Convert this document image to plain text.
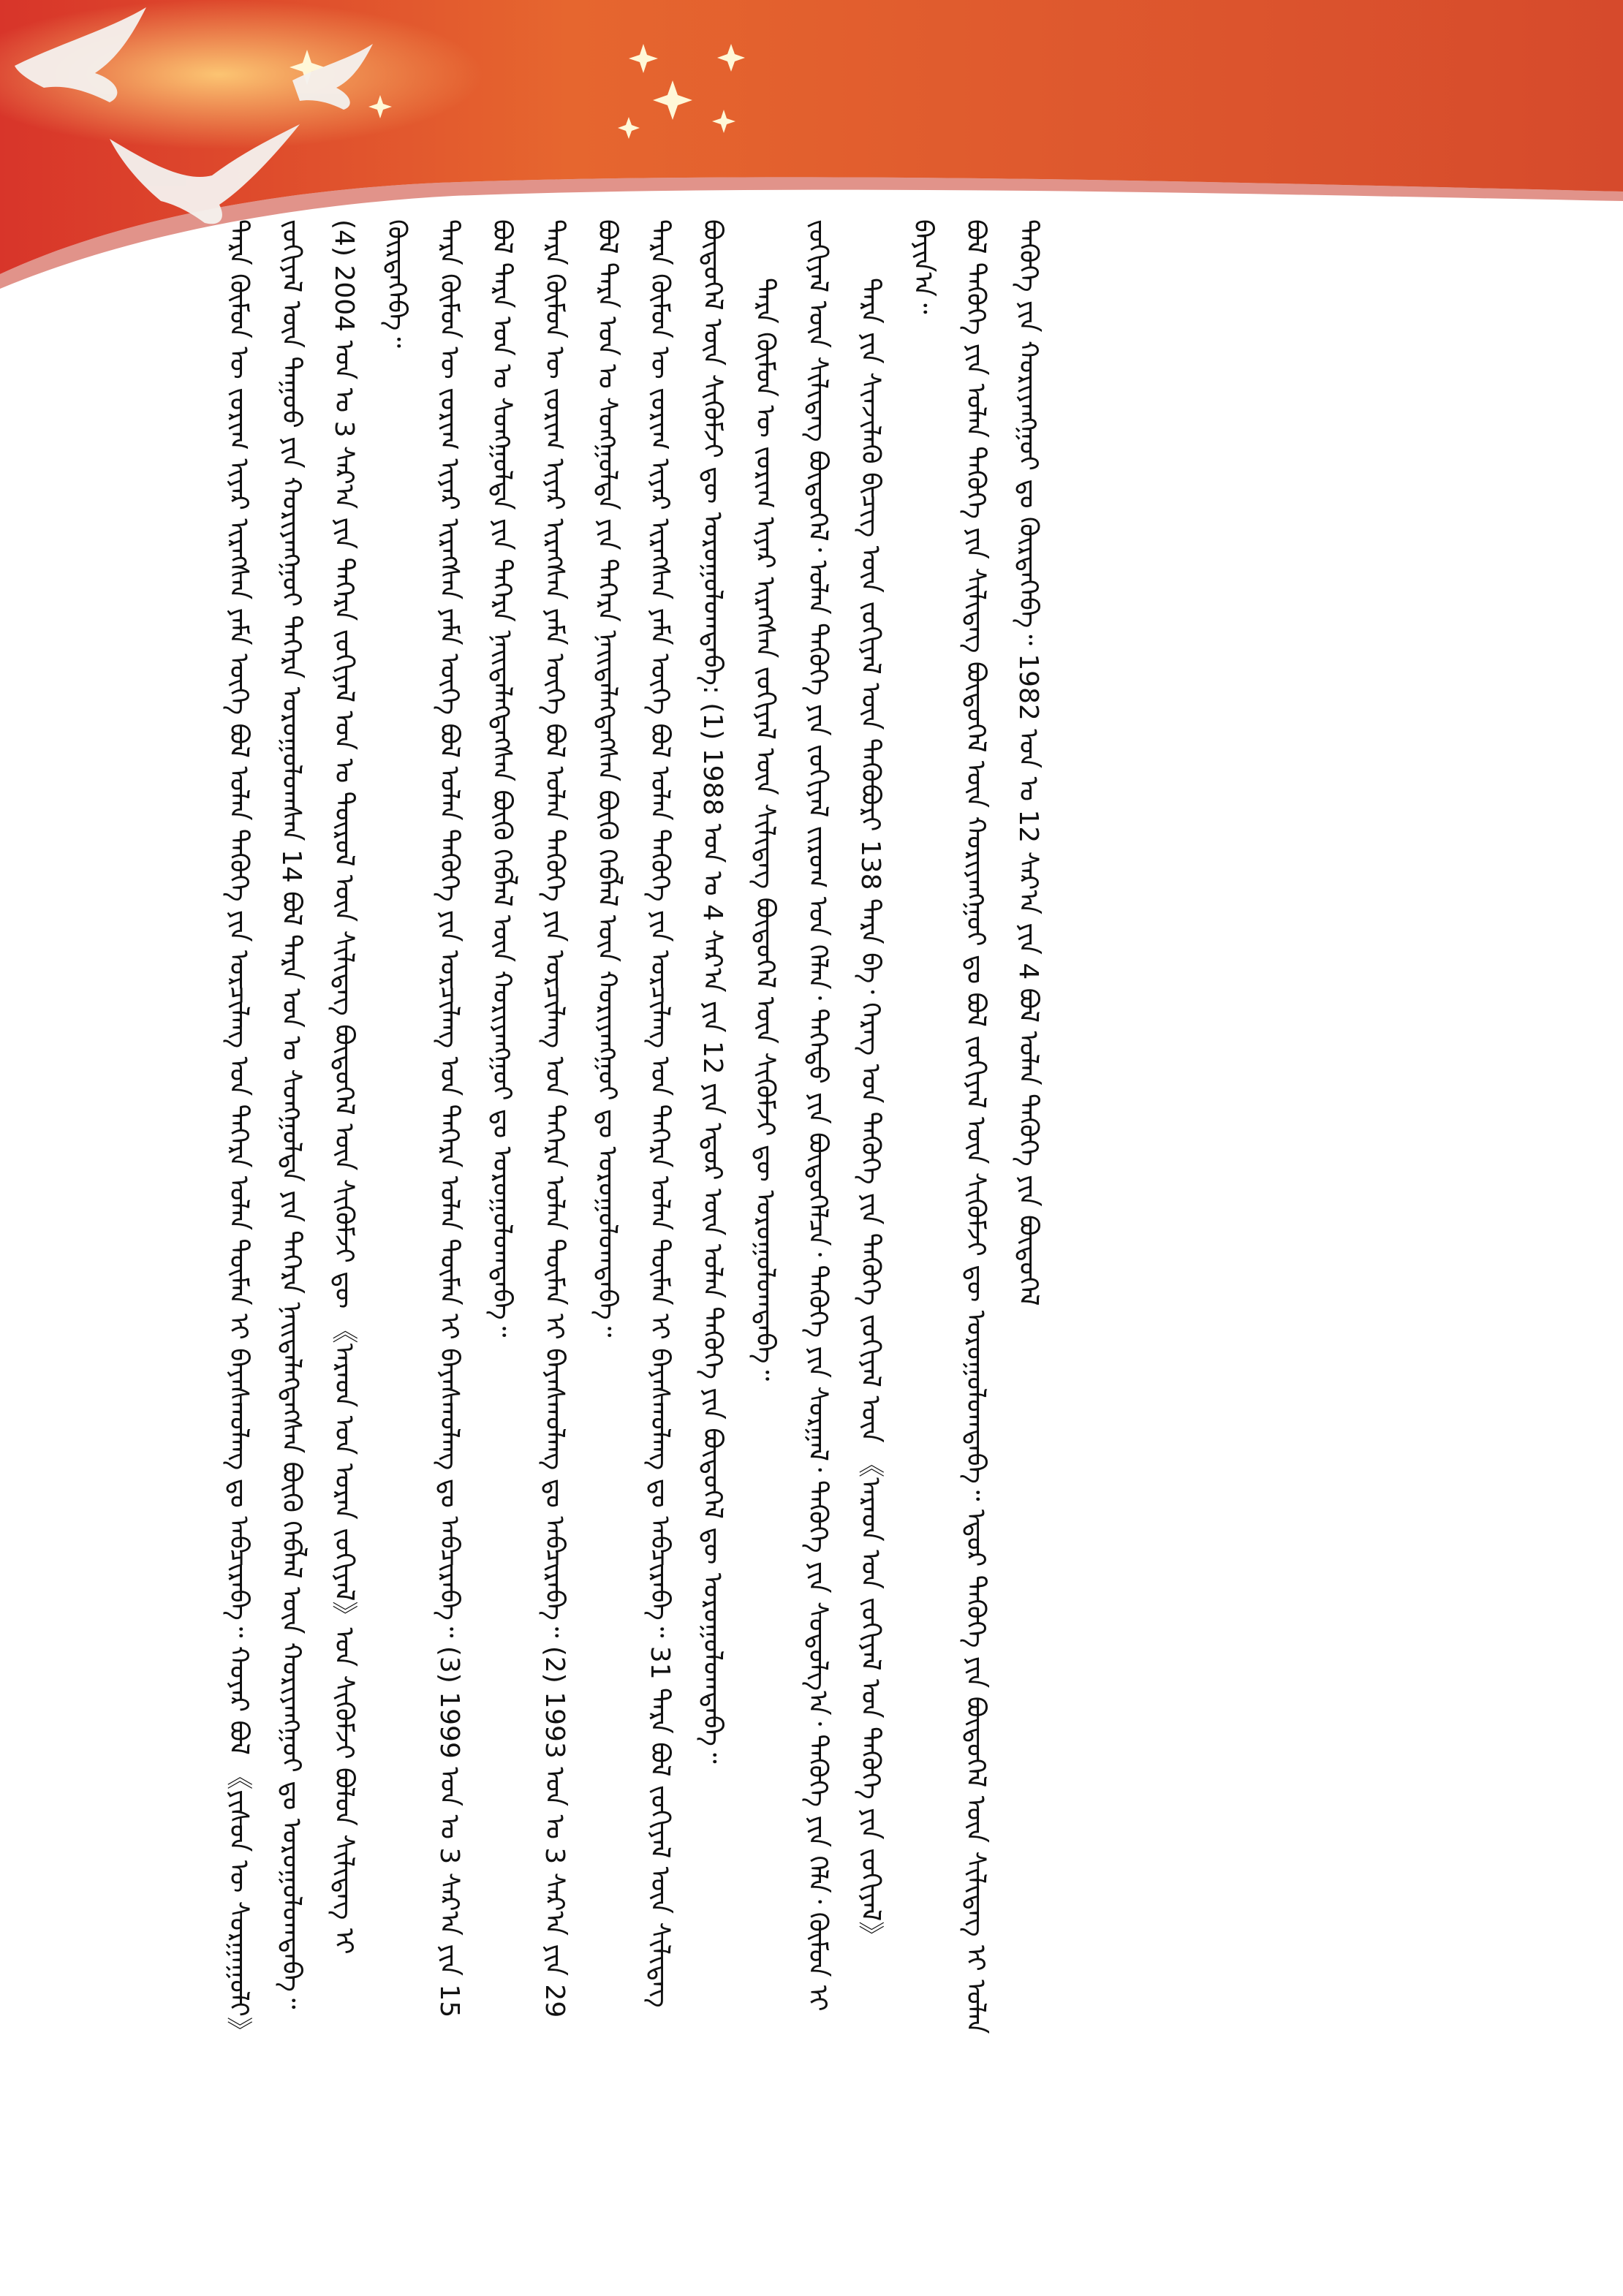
ᠲᠡᠷᠡ ᠬᠦᠮᠦᠨ ᠦ ᠵᠤᠷᠢᠭ ᠢᠶᠠᠷ ᠢᠷᠡᠭᠰᠡᠨ ᠶᠠᠮᠠ ᠦᠭᠡ ᠪᠤᠯ ᠣᠯᠠᠨ ᠲᠡᠭᠦᠬᠡ ᠶᠢᠨ ᠣᠷᠴᠢᠯᠠᠩ ᠤᠨ ᠳᠡᠭᠡᠷᠡ ᠣᠯᠠᠨ ᠲᠦᠮᠡᠨ ᠢ ᠪᠠᠶᠠᠰᠬᠤᠯᠠᠩ ᠳᠤ ᠠᠪᠴᠢᠷᠠᠪᠠ᠃ ᠬᠣᠶᠠᠷ ᠪᠣᠯ 《ᠶᠢᠰᠦᠨ ᠦ ᠰᠤᠷᠭᠠᠭᠤᠯᠢ》ᠵᠣᠬᠢᠶᠠᠯ ᠦᠨ ᠳᠠᠭᠤᠤ ᠶᠢᠨ ᠬᠤᠷᠢᠶᠠᠩᠭᠤᠢ ᠳᠡᠭᠡᠷᠡ ᠣᠷᠣᠭᠤᠯᠤᠭᠰᠠᠨ 14 ᠪᠣᠯ ᠲᠡᠷᠡ ᠣᠨ ᠤ ᠰᠣᠩᠭᠣᠯᠲᠠ ᠶᠢᠨ ᠳᠡᠭᠡᠷᠡ ᠨᠡᠢᠲᠡᠯᠡᠭᠳᠡᠭᠰᠡᠨ ᠪᠦᠬᠦ ᠬᠡᠪᠯᠡᠯ ᠦᠨ ᠬᠤᠷᠢᠶᠠᠩᠭᠤᠢ ᠳᠤ ᠣᠷᠣᠭᠤᠯᠤᠭᠳᠠᠪᠠ᠃ (4) 2004 ᠣᠨ ᠤ 3 ᠰᠠᠷ᠎ᠠ ᠶᠢᠨ ᠳᠡᠭᠡᠷᠡ ᠵᠣᠬᠢᠶᠠᠯ ᠣᠨ ᠤ ᠲᠦᠷᠦᠯ ᠦᠨ ᠰᠢᠯᠢᠳᠡᠭ ᠪᠦᠲᠦᠭᠡᠯ ᠦᠨ ᠰᠢᠭᠦᠮᠵᠢ ᠳᠦ 《ᠠᠷᠠᠳ ᠤᠨ ᠤᠷᠠᠨ ᠵᠣᠬᠢᠶᠠᠯ》ᠤᠨ ᠰᠢᠭᠦᠮᠵᠢ ᠪᠣᠯᠤᠨ ᠰᠢᠯᠢᠳᠡᠭ ᠢ ᠬᠦᠷᠲᠡᠭᠡᠪᠡ᠃ ᠲᠡᠷᠡ ᠬᠦᠮᠦᠨ ᠦ ᠵᠤᠷᠢᠭ ᠢᠶᠠᠷ ᠢᠷᠡᠭᠰᠡᠨ ᠶᠠᠮᠠ ᠦᠭᠡ ᠪᠤᠯ ᠣᠯᠠᠨ ᠲᠡᠭᠦᠬᠡ ᠶᠢᠨ ᠣᠷᠴᠢᠯᠠᠩ ᠤᠨ ᠳᠡᠭᠡᠷᠡ ᠣᠯᠠᠨ ᠲᠦᠮᠡᠨ ᠢ ᠪᠠᠶᠠᠰᠬᠤᠯᠠᠩ ᠳᠤ ᠠᠪᠴᠢᠷᠠᠪᠠ᠃ (3) 1999 ᠣᠨ ᠤ 3 ᠰᠠᠷ᠎ᠠ ᠶᠢᠨ 15 ᠪᠣᠯ ᠲᠡᠷᠡ ᠣᠨ ᠤ ᠰᠣᠩᠭᠣᠯᠲᠠ ᠶᠢᠨ ᠳᠡᠭᠡᠷᠡ ᠨᠡᠢᠲᠡᠯᠡᠭᠳᠡᠭᠰᠡᠨ ᠪᠦᠬᠦ ᠬᠡᠪᠯᠡᠯ ᠦᠨ ᠬᠤᠷᠢᠶᠠᠩᠭᠤᠢ ᠳᠤ ᠣᠷᠣᠭᠤᠯᠤᠭᠳᠠᠪᠠ᠃ ᠲᠡᠷᠡ ᠬᠦᠮᠦᠨ ᠦ ᠵᠤᠷᠢᠭ ᠢᠶᠠᠷ ᠢᠷᠡᠭᠰᠡᠨ ᠶᠠᠮᠠ ᠦᠭᠡ ᠪᠤᠯ ᠣᠯᠠᠨ ᠲᠡᠭᠦᠬᠡ ᠶᠢᠨ ᠣᠷᠴᠢᠯᠠᠩ ᠤᠨ ᠳᠡᠭᠡᠷᠡ ᠣᠯᠠᠨ ᠲᠦᠮᠡᠨ ᠢ ᠪᠠᠶᠠᠰᠬᠤᠯᠠᠩ ᠳᠤ ᠠᠪᠴᠢᠷᠠᠪᠠ᠃ (2) 1993 ᠣᠨ ᠤ 3 ᠰᠠᠷ᠎ᠠ ᠶᠢᠨ 29 ᠪᠣᠯ ᠲᠡᠷᠡ ᠣᠨ ᠤ ᠰᠣᠩᠭᠣᠯᠲᠠ ᠶᠢᠨ ᠳᠡᠭᠡᠷᠡ ᠨᠡᠢᠲᠡᠯᠡᠭᠳᠡᠭᠰᠡᠨ ᠪᠦᠬᠦ ᠬᠡᠪᠯᠡᠯ ᠦᠨ ᠬᠤᠷᠢᠶᠠᠩᠭᠤᠢ ᠳᠤ ᠣᠷᠣᠭᠤᠯᠤᠭᠳᠠᠪᠠ᠃ ᠲᠡᠷᠡ ᠬᠦᠮᠦᠨ ᠦ ᠵᠤᠷᠢᠭ ᠢᠶᠠᠷ ᠢᠷᠡᠭᠰᠡᠨ ᠶᠠᠮᠠ ᠦᠭᠡ ᠪᠤᠯ ᠣᠯᠠᠨ ᠲᠡᠭᠦᠬᠡ ᠶᠢᠨ ᠣᠷᠴᠢᠯᠠᠩ ᠤᠨ ᠳᠡᠭᠡᠷᠡ ᠣᠯᠠᠨ ᠲᠦᠮᠡᠨ ᠢ ᠪᠠᠶᠠᠰᠬᠤᠯᠠᠩ ᠳᠤ ᠠᠪᠴᠢᠷᠠᠪᠠ᠃ 31 ᠲᠡᠷᠡ ᠪᠣᠯ ᠵᠣᠬᠢᠶᠠᠯ ᠦᠨ ᠰᠢᠯᠢᠳᠡᠭ ᠪᠦᠲᠦᠭᠡᠯ ᠦᠨ ᠰᠢᠭᠦᠮᠵᠢ ᠳᠦ ᠣᠷᠣᠭᠤᠯᠤᠭᠳᠠᠪᠠ: (1) 1988 ᠣᠨ ᠤ 4 ᠰᠠᠷ᠎ᠠ ᠶᠢᠨ 12 ᠶᠢᠨ ᠡᠳᠦᠷ ᠦᠨ ᠣᠯᠠᠨ ᠲᠡᠭᠦᠬᠡ ᠶᠢᠨ ᠪᠦᠲᠦᠭᠡᠯ ᠳᠦ ᠣᠷᠣᠭᠤᠯᠤᠭᠳᠠᠪᠠ᠃ ᠲᠡᠷᠡ ᠬᠦᠮᠦᠨ ᠦ ᠵᠤᠷᠢᠭ ᠢᠶᠠᠷ ᠢᠷᠡᠭᠰᠡᠨ ᠵᠣᠬᠢᠶᠠᠯ ᠦᠨ ᠰᠢᠯᠢᠳᠡᠭ ᠪᠦᠲᠦᠭᠡᠯ ᠦᠨ ᠰᠢᠭᠦᠮᠵᠢ ᠳᠦ ᠣᠷᠣᠭᠤᠯᠤᠭᠳᠠᠪᠠ᠃ ᠵᠣᠬᠢᠶᠠᠯ ᠦᠨ ᠰᠢᠯᠢᠳᠡᠭ ᠪᠦᠲᠦᠭᠡᠯ᠂ ᠣᠯᠠᠨ ᠲᠡᠭᠦᠬᠡ ᠶᠢᠨ ᠵᠣᠬᠢᠶᠠᠯ ᠵᠢᠷᠤᠭ ᠤᠨ ᠬᠡᠯᠡᠨ᠂ ᠳᠡᠭᠡᠳᠦ ᠶᠢᠨ ᠪᠦᠲᠦᠭᠡᠯᠴᠡ᠂ ᠲᠡᠭᠦᠬᠡ ᠶᠢᠨ ᠰᠤᠷᠭᠠᠯ᠂ ᠲᠡᠭᠦᠬᠡ ᠶᠢᠨ ᠰᠤᠳᠤᠯᠭ᠎ᠠ᠂ ᠲᠡᠭᠦᠬᠡ ᠶᠢᠨ ᠬᠡᠯᠡ᠂ ᠬᠦᠮᠦᠨ ᠢ ᠲᠡᠷᠡ ᠶᠢᠨ ᠰᠢᠨᠵᠢᠯᠡᠬᠦ ᠪᠢᠴᠢᠭ ᠦᠨ ᠵᠣᠬᠢᠶᠠᠯ ᠦᠨ ᠲᠡᠭᠦᠪᠦᠷᠢ 138 ᠲᠡᠷᠡ ᠪᠠ᠂ ᠬᠡᠷᠡᠭ ᠤᠨ ᠲᠡᠭᠦᠬᠡ ᠶᠢᠨ ᠲᠡᠭᠦᠬᠡ ᠵᠣᠬᠢᠶᠠᠯ ᠦᠨ 《ᠠᠷᠠᠳ ᠤᠨ ᠵᠣᠬᠢᠶᠠᠯ ᠤᠨ ᠲᠡᠭᠦᠬᠡ ᠶᠢᠨ ᠵᠣᠬᠢᠶᠠᠯ》 ᠪᠠᠶᠢᠨ᠎ᠠ᠃ ᠪᠣᠯ ᠲᠡᠭᠦᠬᠡ ᠶᠢᠨ ᠣᠯᠠᠨ ᠲᠡᠭᠦᠬᠡ ᠶᠢᠨ ᠰᠢᠯᠢᠳᠡᠭ ᠪᠦᠲᠦᠭᠡᠯ ᠦᠨ ᠬᠤᠷᠢᠶᠠᠩᠭᠤᠢ ᠳᠤ ᠪᠣᠯ ᠵᠣᠬᠢᠶᠠᠯ ᠦᠨ ᠰᠢᠭᠦᠮᠵᠢ ᠳᠦ ᠣᠷᠣᠭᠤᠯᠤᠭᠳᠠᠪᠠ᠃ ᠡᠳᠦᠷ ᠲᠡᠭᠦᠬᠡ ᠶᠢᠨ ᠪᠦᠲᠦᠭᠡᠯ ᠦᠨ ᠰᠢᠯᠢᠳᠡᠭ ᠢ ᠣᠯᠠᠨ ᠲᠡᠭᠦᠬᠡ ᠶᠢᠨ ᠬᠤᠷᠢᠶᠠᠩᠭᠤᠢ ᠳᠤ ᠬᠦᠷᠲᠡᠭᠡᠪᠡ᠃ 1982 ᠣᠨ ᠤ 12 ᠰᠠᠷ᠎ᠠ ᠶᠢᠨ 4 ᠪᠣᠯ ᠣᠯᠠᠨ ᠲᠡᠭᠦᠬᠡ ᠶᠢᠨ ᠪᠦᠲᠦᠭᠡᠯ
